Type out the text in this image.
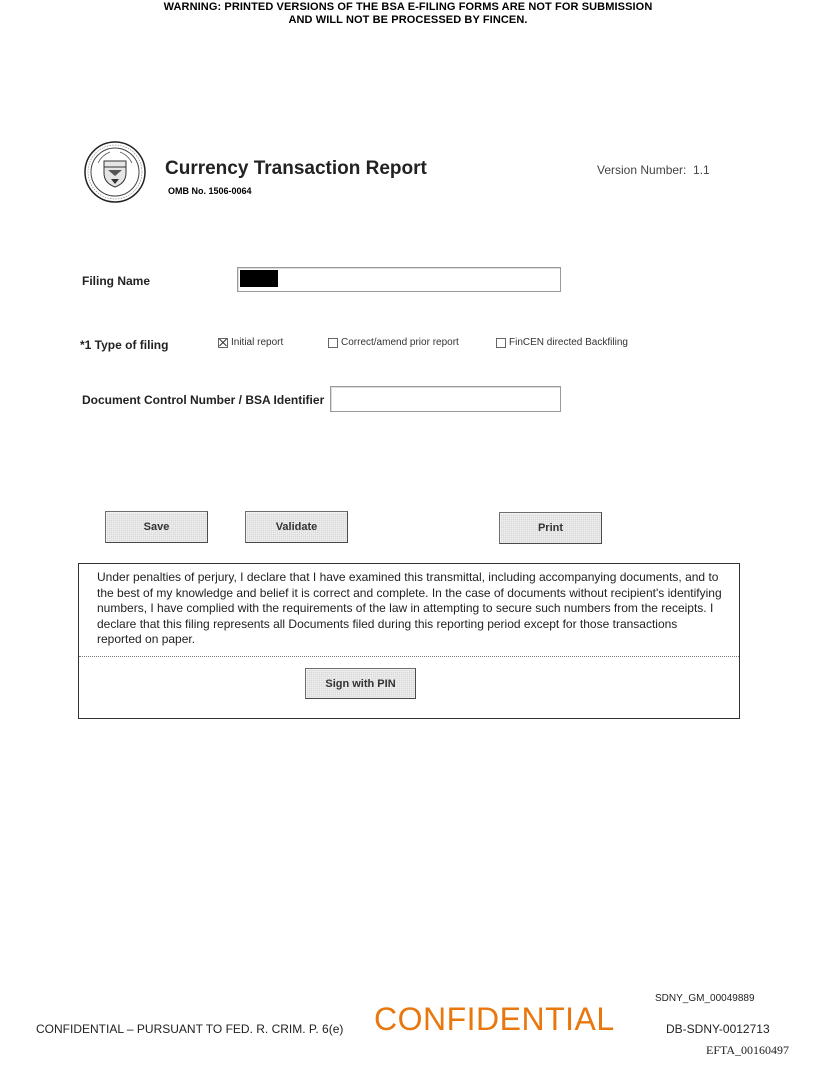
WARNING: PRINTED VERSIONS OF THE BSA E-FILING FORMS ARE NOT FOR SUBMISSION
AND WILL NOT BE PROCESSED BY FINCEN.
Currency Transaction Report
OMB No. 1506-0064
Version Number: 1.1
Filing Name
*1 Type of filing	Initial report	Correct/amend prior report	FinCEN directed Backfiling
Document Control Number / BSA Identifier
Save	Validate	Print
Under penalties of perjury, I declare that I have examined this transmittal, including accompanying documents, and to the best of my knowledge and belief it is correct and complete. In the case of documents without recipient's identifying numbers, I have complied with the requirements of the law in attempting to secure such numbers from the receipts. I declare that this filing represents all Documents filed during this reporting period except for those transactions reported on paper.
Sign with PIN
SDNY_GM_00049889
CONFIDENTIAL – PURSUANT TO FED. R. CRIM. P. 6(e) CONFIDENTIAL	DB-SDNY-0012713
EFTA_00160497
